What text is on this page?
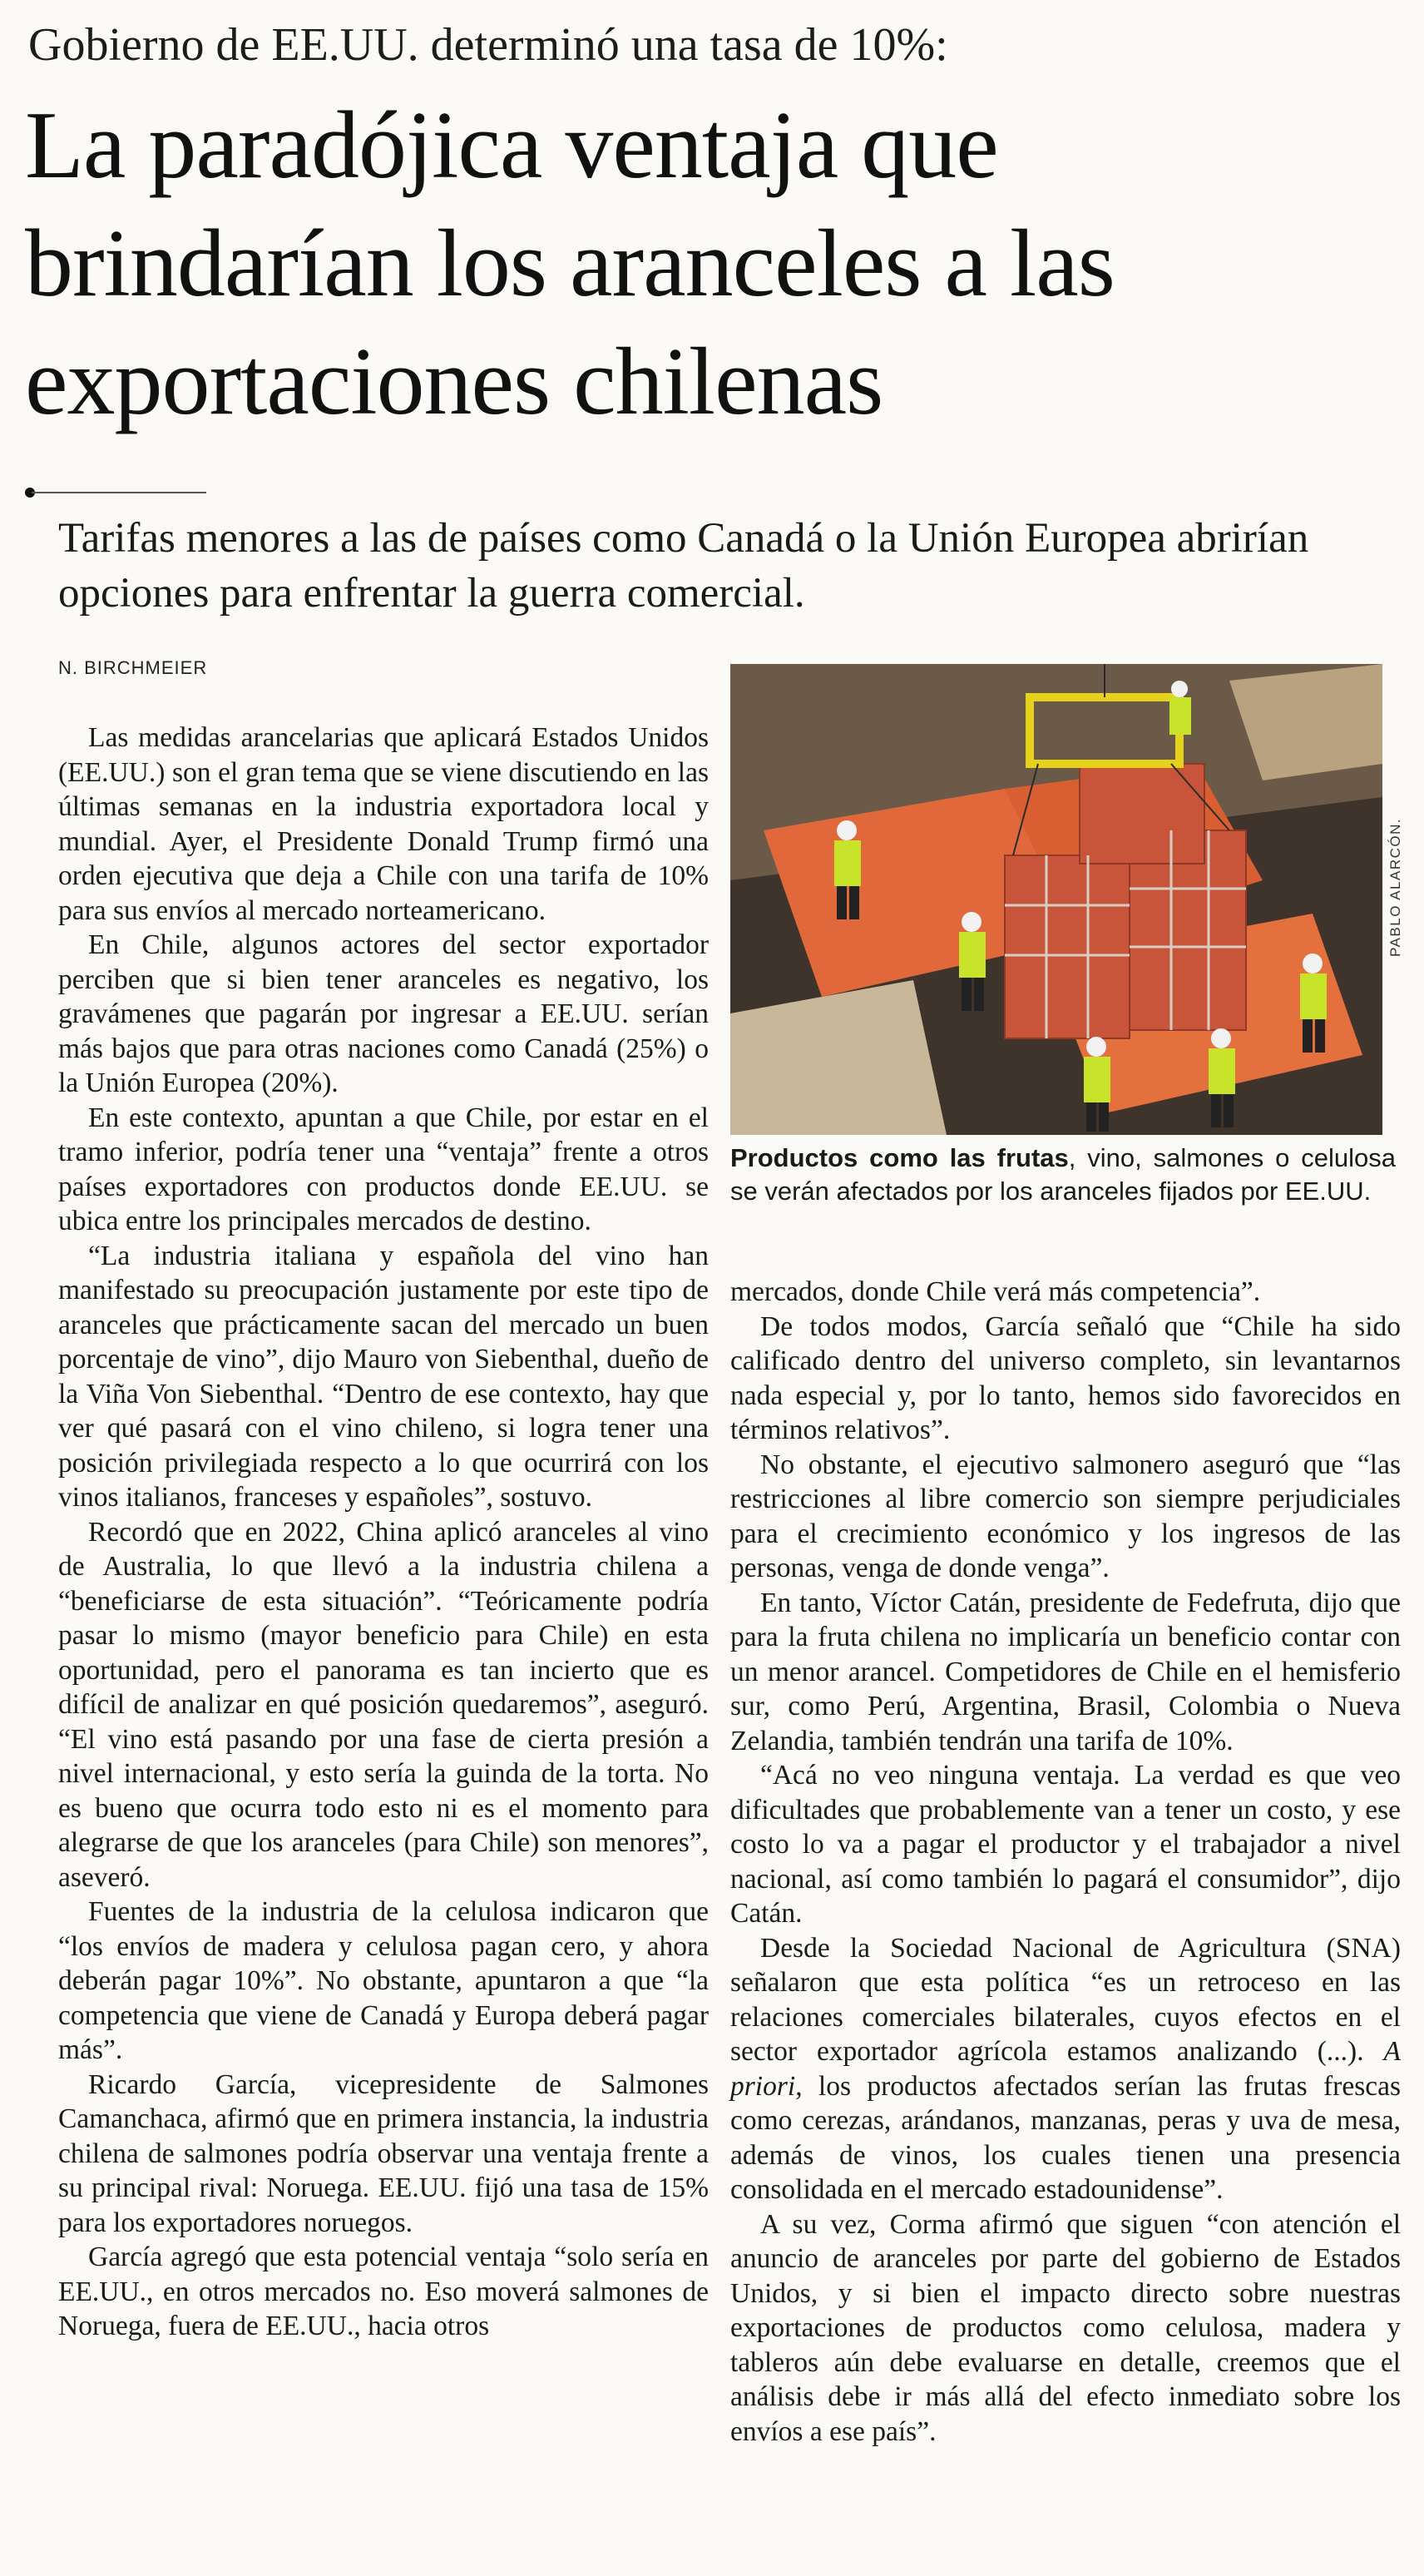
Gobierno de EE.UU. determinó una tasa de 10%:
La paradójica ventaja que brindarían los aranceles a las exportaciones chilenas

Tarifas menores a las de países como Canadá o la Unión Europea abrirían opciones para enfrentar la guerra comercial.

N. BIRCHMEIER

Las medidas arancelarias que aplicará Estados Unidos (EE.UU.) son el gran tema que se viene discutiendo en las últimas semanas en la industria exportadora local y mundial. Ayer, el Presidente Donald Trump firmó una orden ejecutiva que deja a Chile con una tarifa de 10% para sus envíos al mercado norteamericano.

En Chile, algunos actores del sector exportador perciben que si bien tener aranceles es negativo, los gravámenes que pagarán por ingresar a EE.UU. serían más bajos que para otras naciones como Canadá (25%) o la Unión Europea (20%).

En este contexto, apuntan a que Chile, por estar en el tramo inferior, podría tener una “ventaja” frente a otros países exportadores con productos donde EE.UU. se ubica entre los principales mercados de destino.

“La industria italiana y española del vino han manifestado su preocupación justamente por este tipo de aranceles que prácticamente sacan del mercado un buen porcentaje de vino”, dijo Mauro von Siebenthal, dueño de la Viña Von Siebenthal. “Dentro de ese contexto, hay que ver qué pasará con el vino chileno, si logra tener una posición privilegiada respecto a lo que ocurrirá con los vinos italianos, franceses y españoles”, sostuvo.

Recordó que en 2022, China aplicó aranceles al vino de Australia, lo que llevó a la industria chilena a “beneficiarse de esta situación”. “Teóricamente podría pasar lo mismo (mayor beneficio para Chile) en esta oportunidad, pero el panorama es tan incierto que es difícil de analizar en qué posición quedaremos”, aseguró. “El vino está pasando por una fase de cierta presión a nivel internacional, y esto sería la guinda de la torta. No es bueno que ocurra todo esto ni es el momento para alegrarse de que los aranceles (para Chile) son menores”, aseveró.

Fuentes de la industria de la celulosa indicaron que “los envíos de madera y celulosa pagan cero, y ahora deberán pagar 10%”. No obstante, apuntaron a que “la competencia que viene de Canadá y Europa deberá pagar más”.

Ricardo García, vicepresidente de Salmones Camanchaca, afirmó que en primera instancia, la industria chilena de salmones podría observar una ventaja frente a su principal rival: Noruega. EE.UU. fijó una tasa de 15% para los exportadores noruegos.

García agregó que esta potencial ventaja “solo sería en EE.UU., en otros mercados no. Eso moverá salmones de Noruega, fuera de EE.UU., hacia otros

PABLO ALARCÓN.
Productos como las frutas, vino, salmones o celulosa se verán afectados por los aranceles fijados por EE.UU.

mercados, donde Chile verá más competencia”.

De todos modos, García señaló que “Chile ha sido calificado dentro del universo completo, sin levantarnos nada especial y, por lo tanto, hemos sido favorecidos en términos relativos”.

No obstante, el ejecutivo salmonero aseguró que “las restricciones al libre comercio son siempre perjudiciales para el crecimiento económico y los ingresos de las personas, venga de donde venga”.

En tanto, Víctor Catán, presidente de Fedefruta, dijo que para la fruta chilena no implicaría un beneficio contar con un menor arancel. Competidores de Chile en el hemisferio sur, como Perú, Argentina, Brasil, Colombia o Nueva Zelandia, también tendrán una tarifa de 10%.

“Acá no veo ninguna ventaja. La verdad es que veo dificultades que probablemente van a tener un costo, y ese costo lo va a pagar el productor y el trabajador a nivel nacional, así como también lo pagará el consumidor”, dijo Catán.

Desde la Sociedad Nacional de Agricultura (SNA) señalaron que esta política “es un retroceso en las relaciones comerciales bilaterales, cuyos efectos en el sector exportador agrícola estamos analizando (...). A priori, los productos afectados serían las frutas frescas como cerezas, arándanos, manzanas, peras y uva de mesa, además de vinos, los cuales tienen una presencia consolidada en el mercado estadounidense”.

A su vez, Corma afirmó que siguen “con atención el anuncio de aranceles por parte del gobierno de Estados Unidos, y si bien el impacto directo sobre nuestras exportaciones de productos como celulosa, madera y tableros aún debe evaluarse en detalle, creemos que el análisis debe ir más allá del efecto inmediato sobre los envíos a ese país”.
